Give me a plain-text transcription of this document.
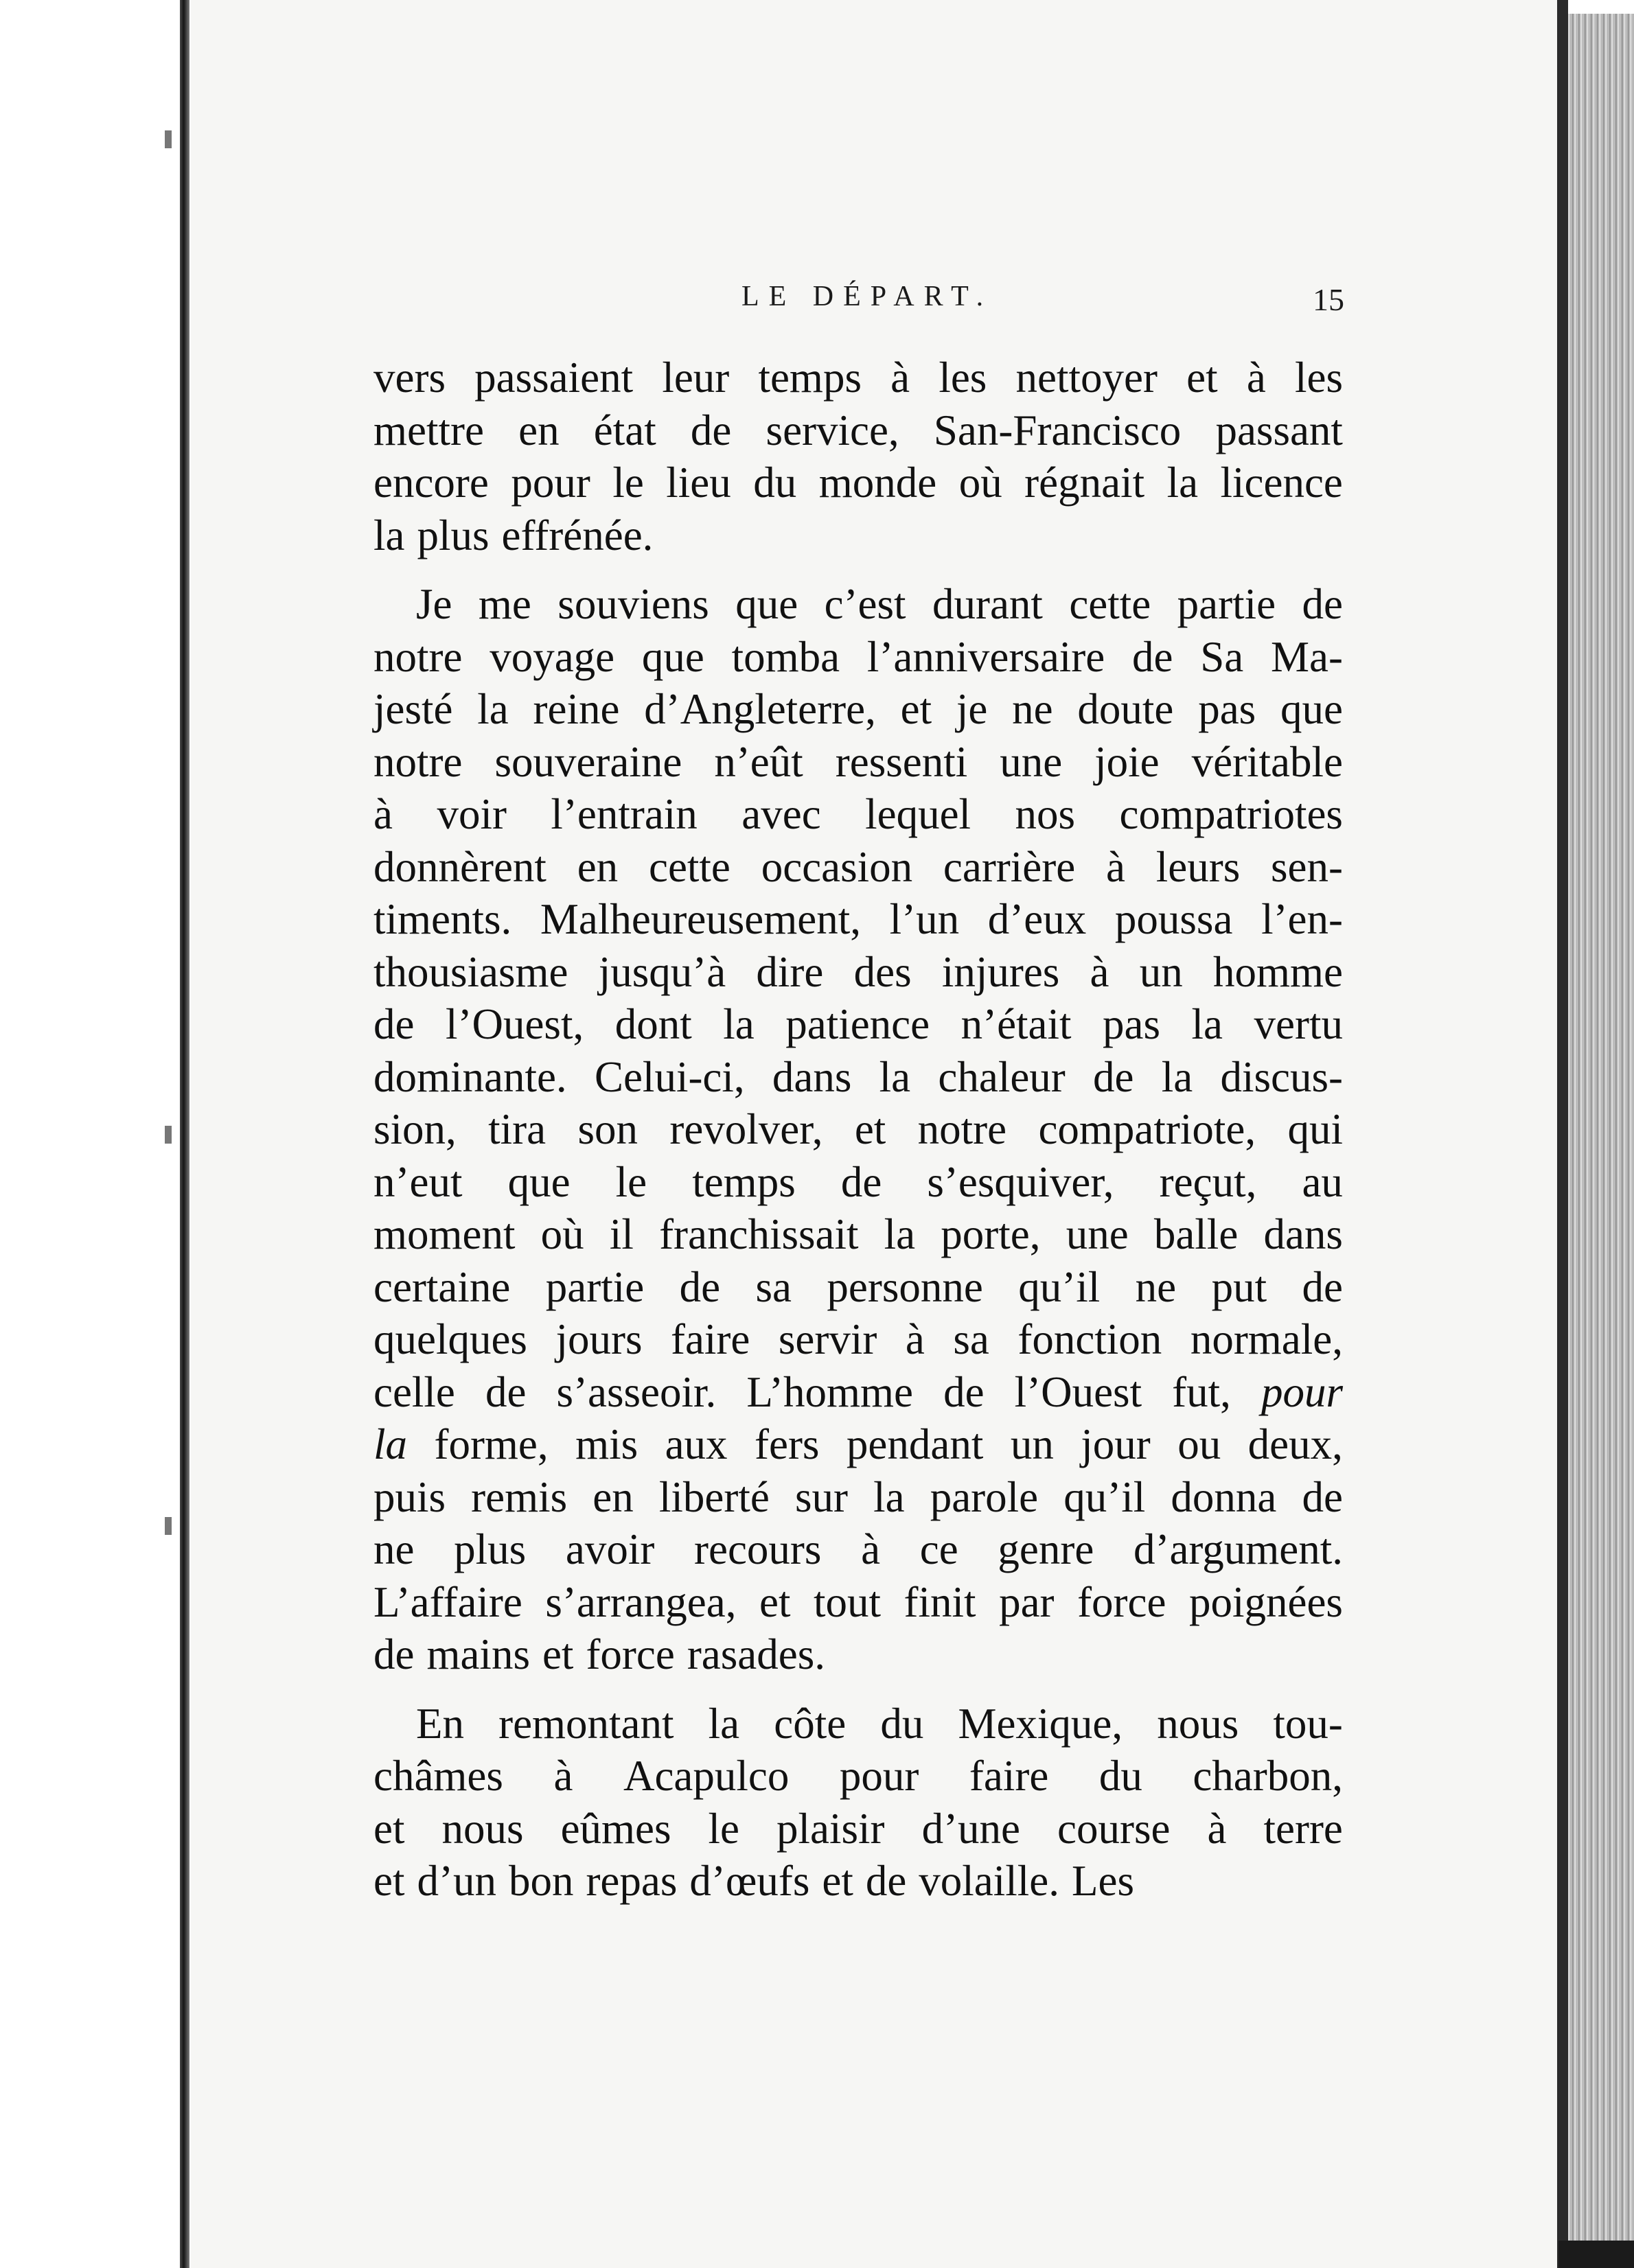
LE DÉPART.	15
vers passaient leur temps à les nettoyer et à les
mettre en état de service, San-Francisco passant
encore pour le lieu du monde où régnait la licence
la plus effrénée.
Je me souviens que c’est durant cette partie de
notre voyage que tomba l’anniversaire de Sa Ma-
jesté la reine d’Angleterre, et je ne doute pas que
notre souveraine n’eût ressenti une joie véritable
à voir l’entrain avec lequel nos compatriotes
donnèrent en cette occasion carrière à leurs sen-
timents. Malheureusement, l’un d’eux poussa l’en-
thousiasme jusqu’à dire des injures à un homme
de l’Ouest, dont la patience n’était pas la vertu
dominante. Celui-ci, dans la chaleur de la discus-
sion, tira son revolver, et notre compatriote, qui
n’eut que le temps de s’esquiver, reçut, au
moment où il franchissait la porte, une balle dans
certaine partie de sa personne qu’il ne put de
quelques jours faire servir à sa fonction normale,
celle de s’asseoir. L’homme de l’Ouest fut, pour
la forme, mis aux fers pendant un jour ou deux,
puis remis en liberté sur la parole qu’il donna de
ne plus avoir recours à ce genre d’argument.
L’affaire s’arrangea, et tout finit par force poignées
de mains et force rasades.
En remontant la côte du Mexique, nous tou-
châmes à Acapulco pour faire du charbon,
et nous eûmes le plaisir d’une course à terre
et d’un bon repas d’œufs et de volaille. Les
